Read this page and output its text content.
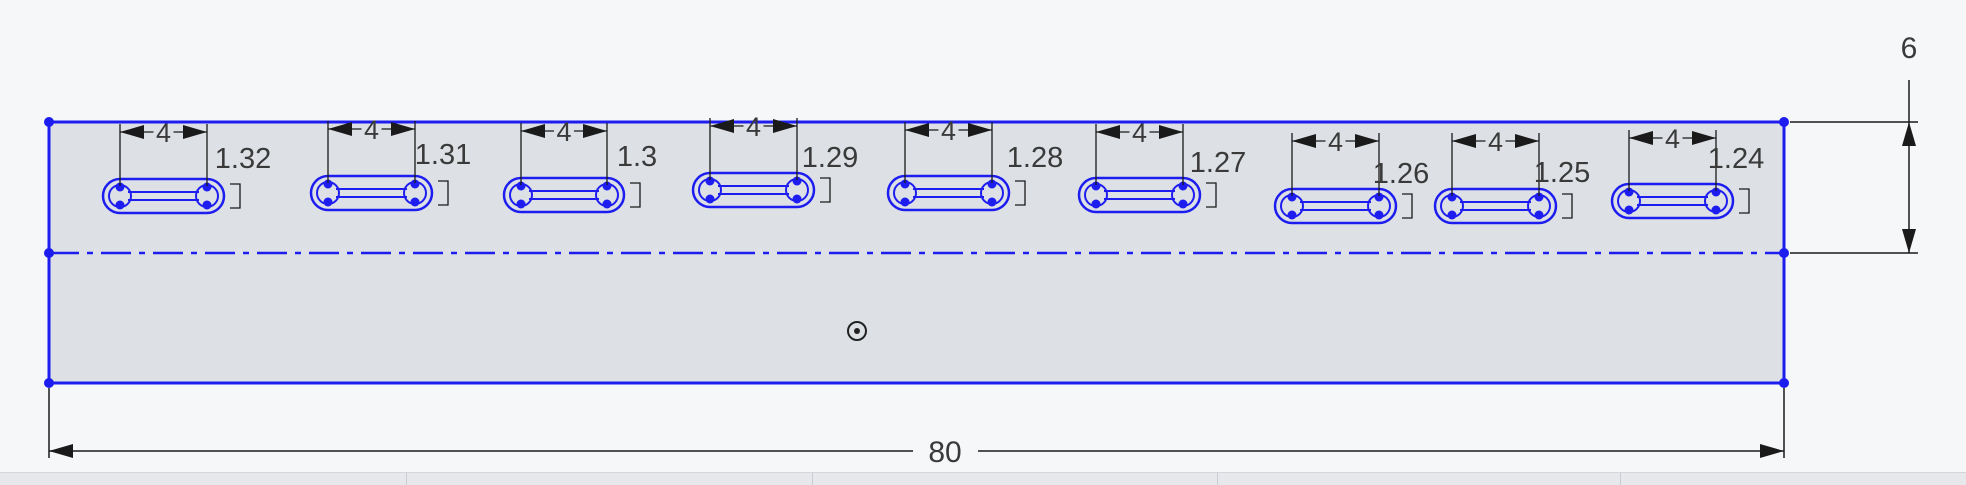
4
1.32
4
1.31
4
1.3
4
1.29
4
1.28
4
1.27
4
1.26
4
1.25
4
1.24
80
6
